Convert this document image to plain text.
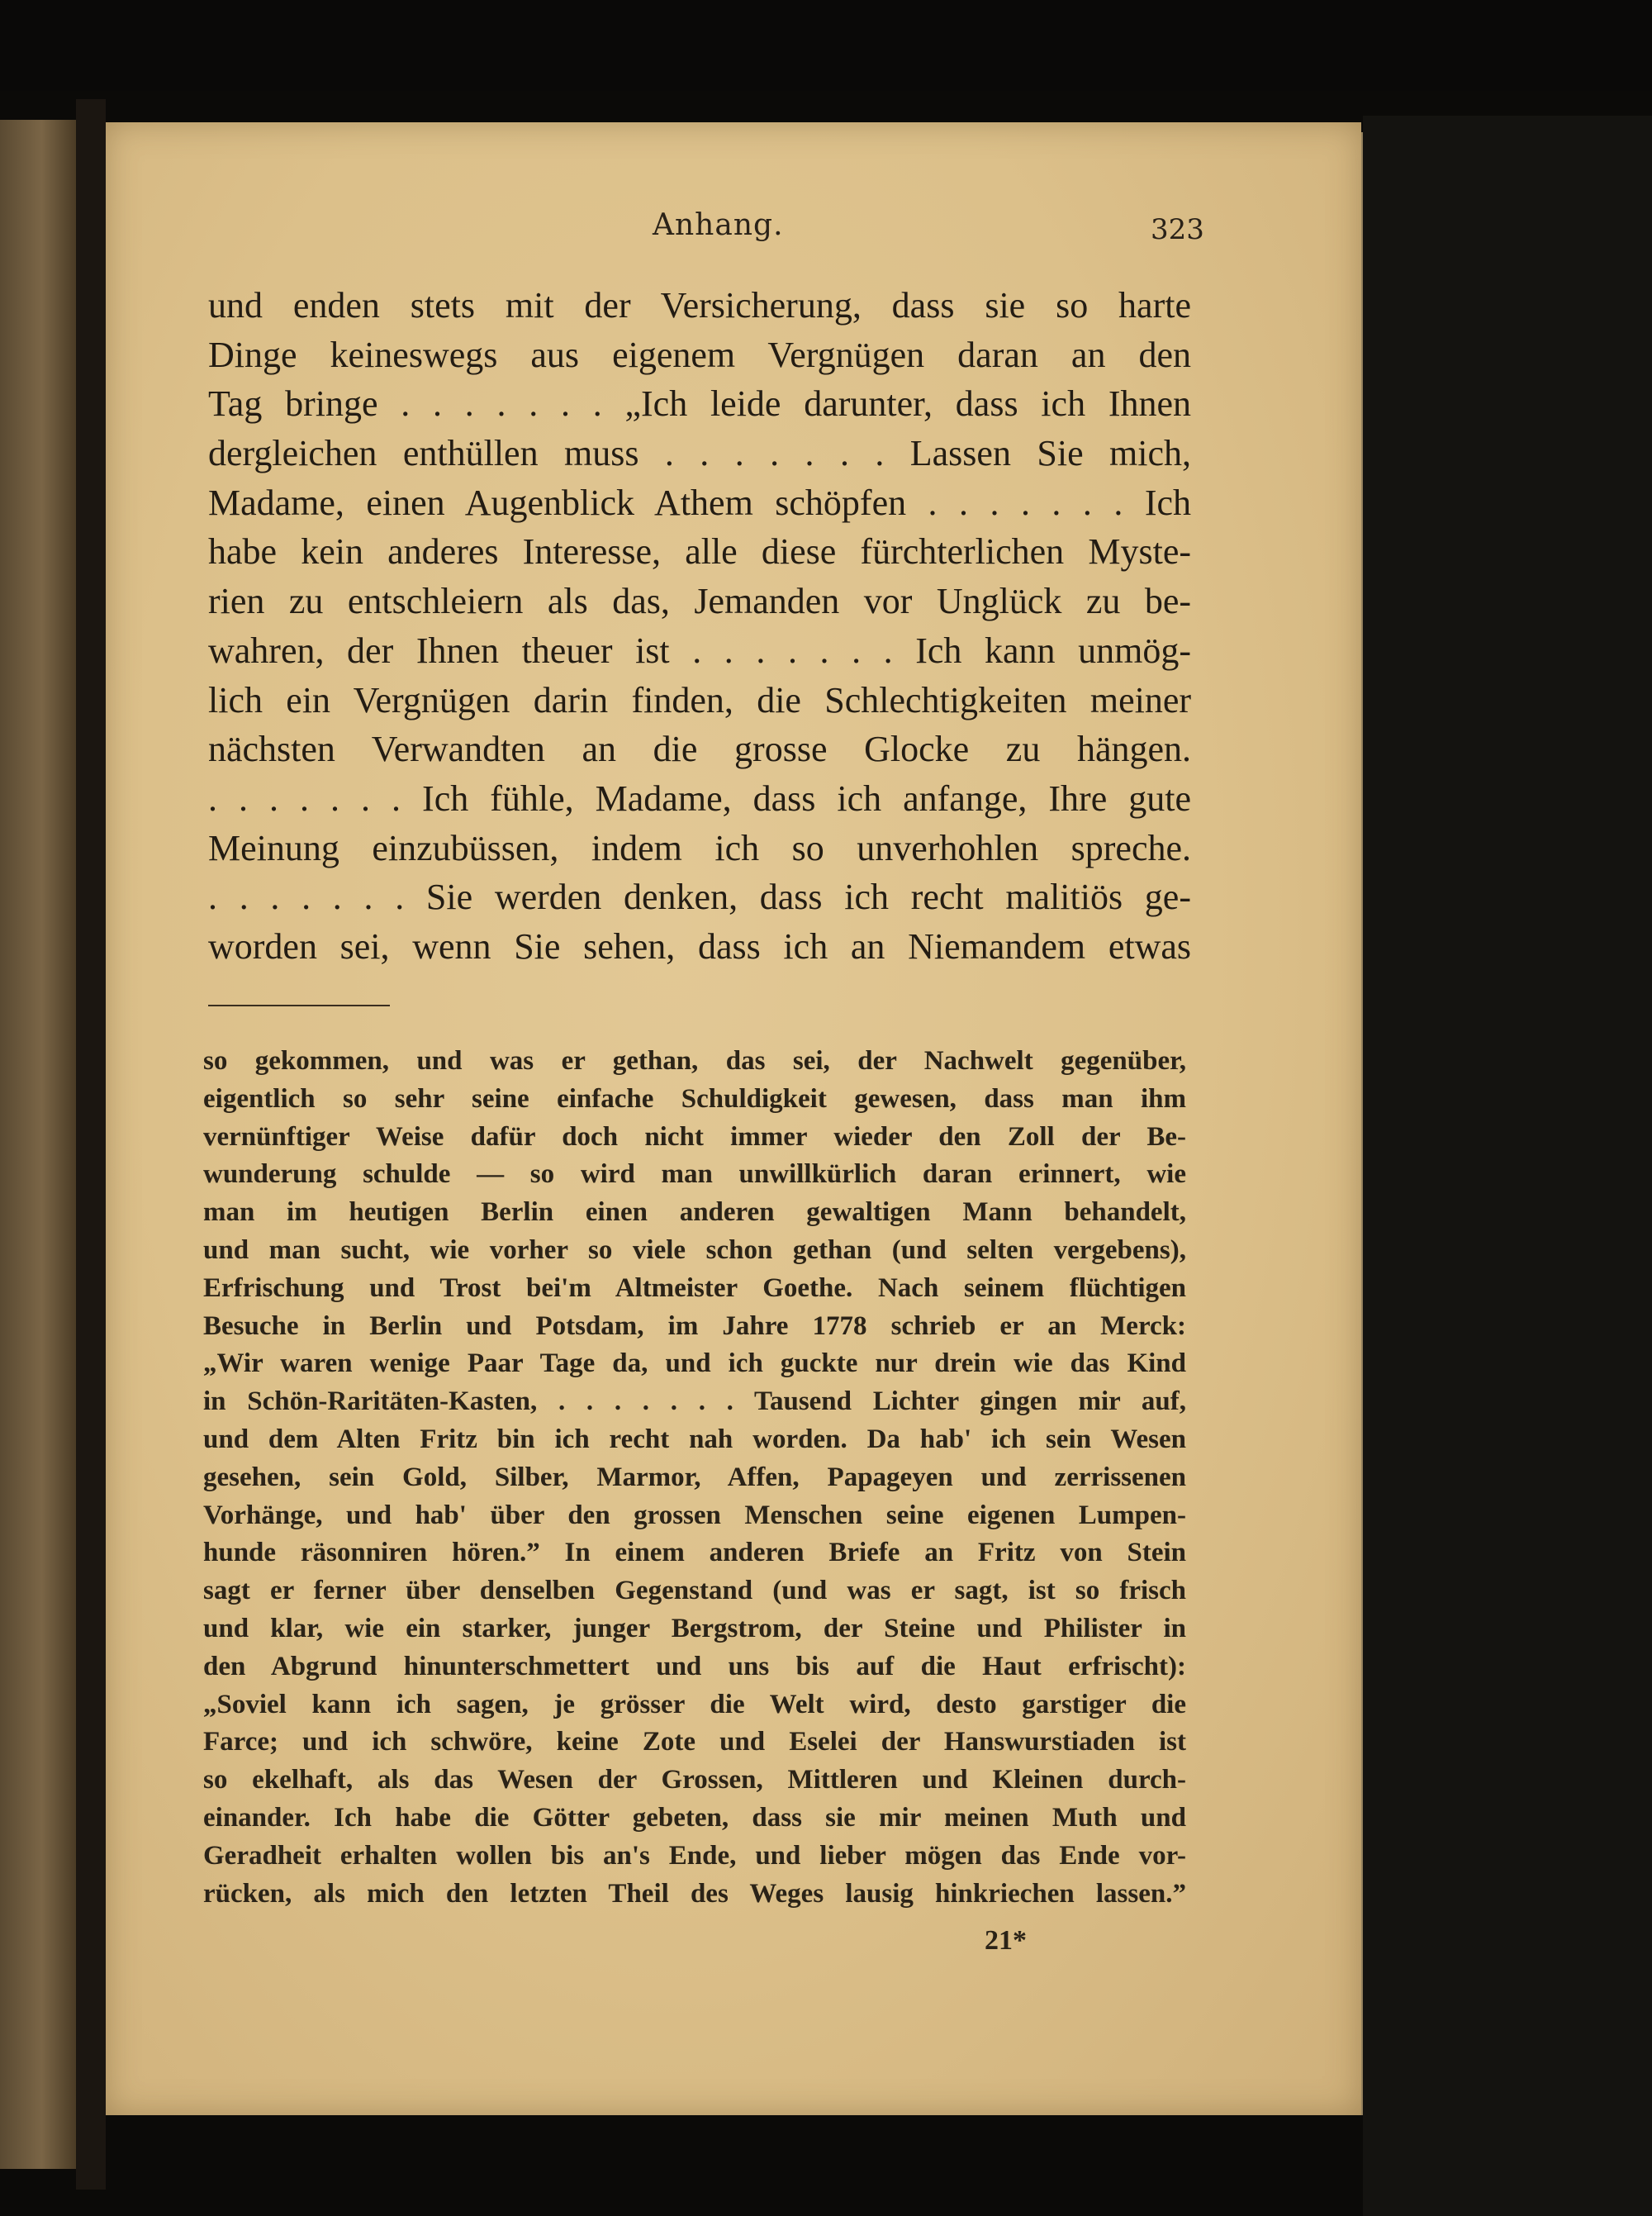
Anhang.	323
und enden stets mit der Versicherung, dass sie so harte
Dinge keineswegs aus eigenem Vergnügen daran an den
Tag bringe . . . . . . . „Ich leide darunter, dass ich Ihnen
dergleichen enthüllen muss . . . . . . . Lassen Sie mich,
Madame, einen Augenblick Athem schöpfen . . . . . . . Ich
habe kein anderes Interesse, alle diese fürchterlichen Myste-
rien zu entschleiern als das, Jemanden vor Unglück zu be-
wahren, der Ihnen theuer ist . . . . . . . Ich kann unmög-
lich ein Vergnügen darin finden, die Schlechtigkeiten meiner
nächsten Verwandten an die grosse Glocke zu hängen.
. . . . . . . Ich fühle, Madame, dass ich anfange, Ihre gute
Meinung einzubüssen, indem ich so unverhohlen spreche.
. . . . . . . Sie werden denken, dass ich recht malitiös ge-
worden sei, wenn Sie sehen, dass ich an Niemandem etwas
so gekommen, und was er gethan, das sei, der Nachwelt gegenüber,
eigentlich so sehr seine einfache Schuldigkeit gewesen, dass man ihm
vernünftiger Weise dafür doch nicht immer wieder den Zoll der Be-
wunderung schulde — so wird man unwillkürlich daran erinnert, wie
man im heutigen Berlin einen anderen gewaltigen Mann behandelt,
und man sucht, wie vorher so viele schon gethan (und selten vergebens),
Erfrischung und Trost bei'm Altmeister Goethe. Nach seinem flüchtigen
Besuche in Berlin und Potsdam, im Jahre 1778 schrieb er an Merck:
„Wir waren wenige Paar Tage da, und ich guckte nur drein wie das Kind
in Schön-Raritäten-Kasten, . . . . . . . Tausend Lichter gingen mir auf,
und dem Alten Fritz bin ich recht nah worden. Da hab' ich sein Wesen
gesehen, sein Gold, Silber, Marmor, Affen, Papageyen und zerrissenen
Vorhänge, und hab' über den grossen Menschen seine eigenen Lumpen-
hunde räsonniren hören.” In einem anderen Briefe an Fritz von Stein
sagt er ferner über denselben Gegenstand (und was er sagt, ist so frisch
und klar, wie ein starker, junger Bergstrom, der Steine und Philister in
den Abgrund hinunterschmettert und uns bis auf die Haut erfrischt):
„Soviel kann ich sagen, je grösser die Welt wird, desto garstiger die
Farce; und ich schwöre, keine Zote und Eselei der Hanswurstiaden ist
so ekelhaft, als das Wesen der Grossen, Mittleren und Kleinen durch-
einander. Ich habe die Götter gebeten, dass sie mir meinen Muth und
Geradheit erhalten wollen bis an's Ende, und lieber mögen das Ende vor-
rücken, als mich den letzten Theil des Weges lausig hinkriechen lassen.”
21*
